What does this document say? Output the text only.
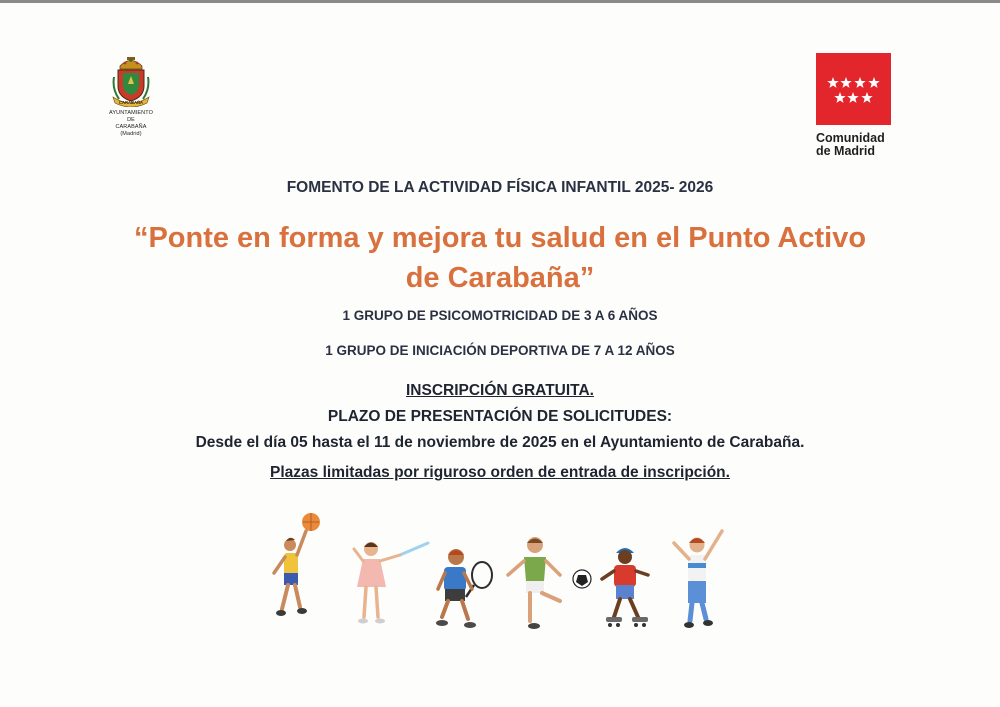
CARABAÑA
AYUNTAMIENTO
DE
CARABAÑA
(Madrid)	Comunidad
de Madrid
FOMENTO DE LA ACTIVIDAD FÍSICA INFANTIL 2025- 2026
“Ponte en forma y mejora tu salud en el Punto Activo
de Carabaña”
1 GRUPO DE PSICOMOTRICIDAD DE 3 A 6 AÑOS
1 GRUPO DE INICIACIÓN DEPORTIVA DE 7 A 12 AÑOS
INSCRIPCIÓN GRATUITA.
PLAZO DE PRESENTACIÓN DE SOLICITUDES:
Desde el día 05 hasta el 11 de noviembre de 2025 en el Ayuntamiento de Carabaña.
Plazas limitadas por riguroso orden de entrada de inscripción.
